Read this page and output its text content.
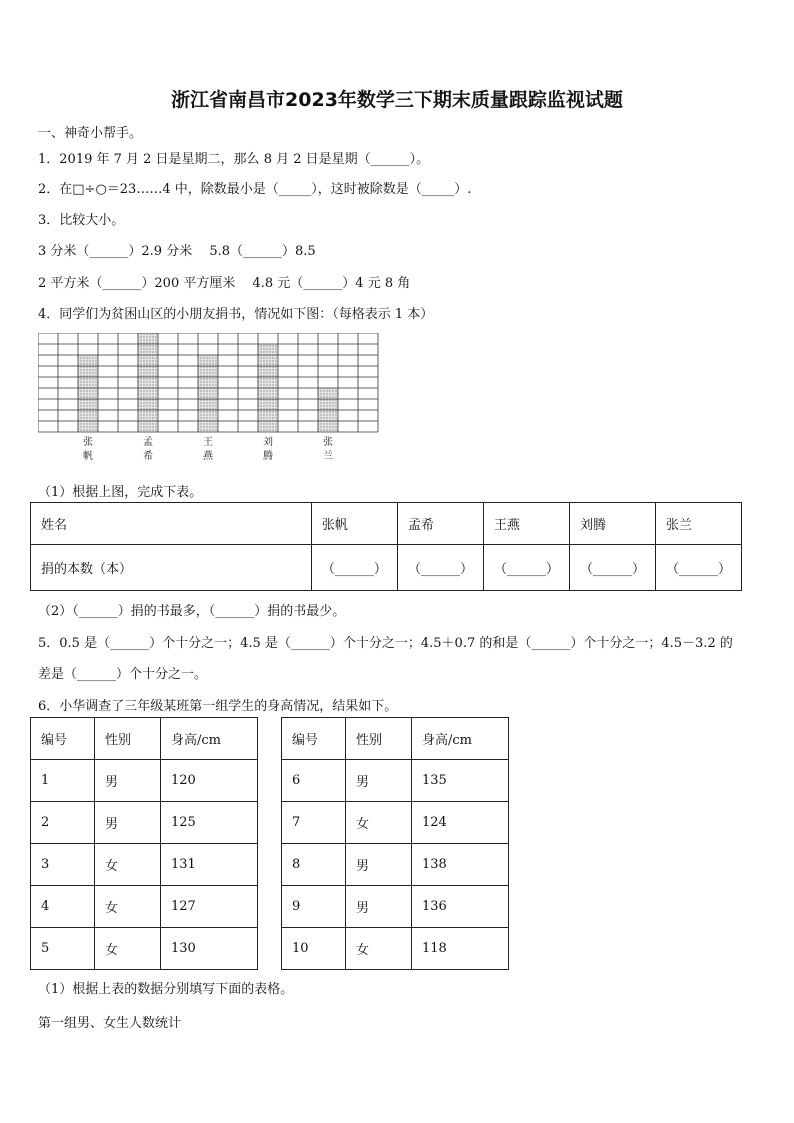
浙江省南昌市2023年数学三下期末质量跟踪监视试题
一、神奇小帮手。
1．2019 年 7 月 2 日是星期二，那么 8 月 2 日是星期（______）。
2．在□÷○＝23……4 中，除数最小是（_____），这时被除数是（_____）.
3．比较大小。
3 分米（______）2.9 分米　 5.8（______）8.5
2 平方米（______）200 平方厘米　 4.8 元（______）4 元 8 角
4．同学们为贫困山区的小朋友捐书，情况如下图：（每格表示 1 本）
张
帆
孟
希
王
燕
刘
腾
张
兰
（1）根据上图，完成下表。
姓名	张帆	孟希	王燕	刘腾	张兰
捐的本数（本）	（______）	（______）	（______）	（______）	（______）
（2）（______）捐的书最多，（______）捐的书最少。
5．0.5 是（______）个十分之一；4.5 是（______）个十分之一；4.5＋0.7 的和是（______）个十分之一；4.5－3.2 的
差是（______）个十分之一。
6．小华调查了三年级某班第一组学生的身高情况，结果如下。
编号	性别	身高/cm
1	男	120
2	男	125
3	女	131
4	女	127
5	女	130
编号	性别	身高/cm
6	男	135
7	女	124
8	男	138
9	男	136
10	女	118
（1）根据上表的数据分别填写下面的表格。
第一组男、女生人数统计
